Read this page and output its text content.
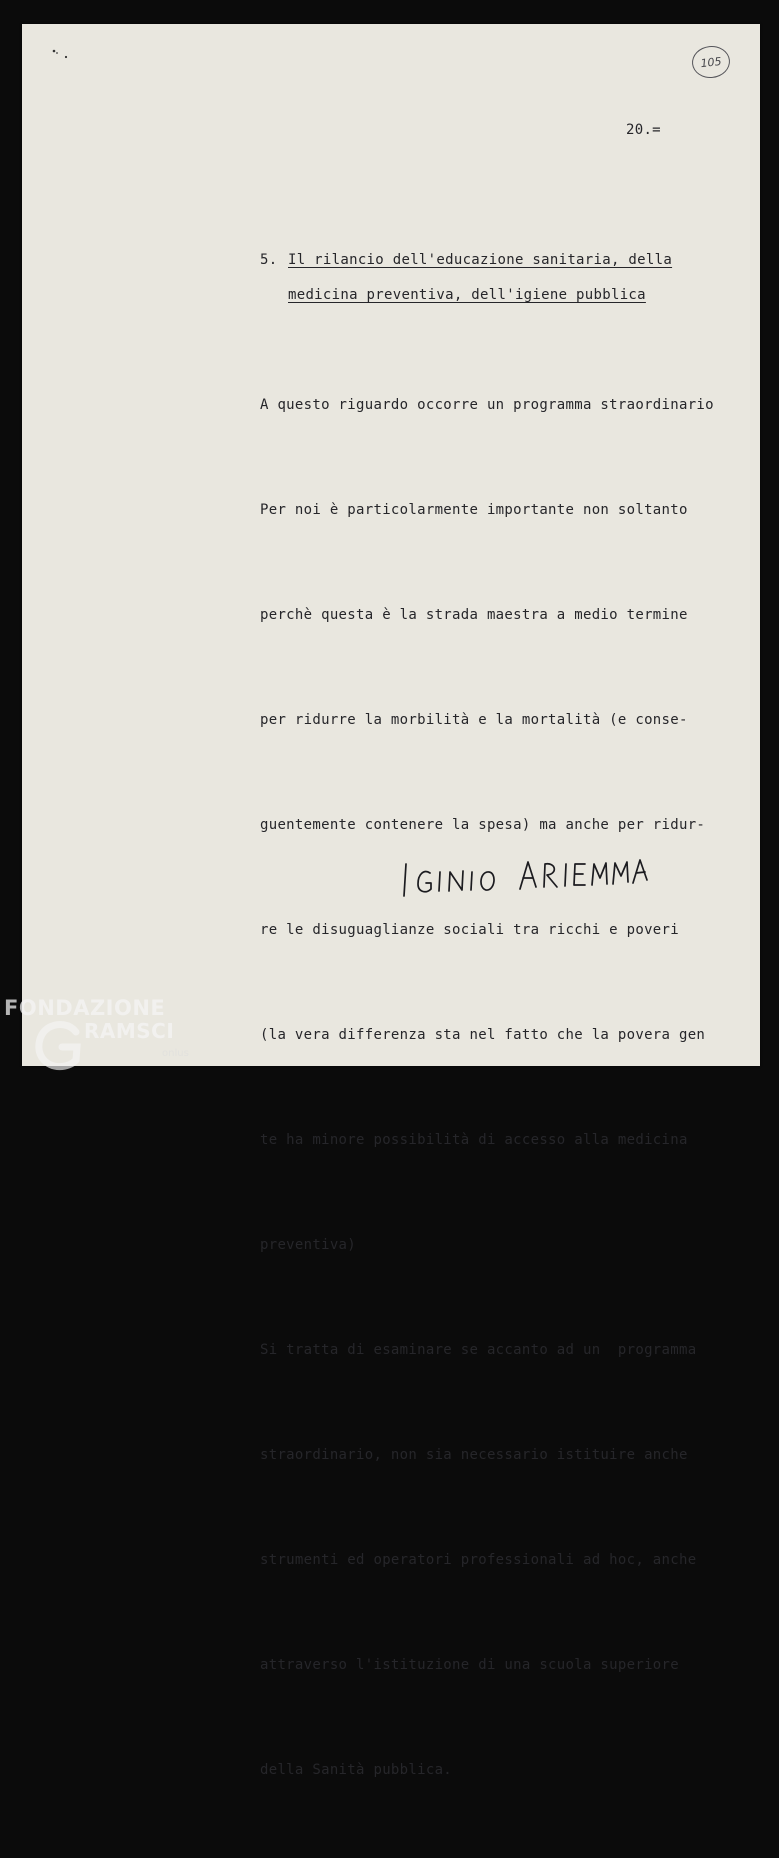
105
20.=
5. Il rilancio dell'educazione sanitaria, della
medicina preventiva, dell'igiene pubblica

A questo riguardo occorre un programma straordinario

Per noi è particolarmente importante non soltanto

perchè questa è la strada maestra a medio termine

per ridurre la morbilità e la mortalità (e conse-

guentemente contenere la spesa) ma anche per ridur-

re le disuguaglianze sociali tra ricchi e poveri

(la vera differenza sta nel fatto che la povera gen

te ha minore possibilità di accesso alla medicina

preventiva)

Si tratta di esaminare se accanto ad un  programma

straordinario, non sia necessario istituire anche

strumenti ed operatori professionali ad hoc, anche

attraverso l'istituzione di una scuola superiore

della Sanità pubblica.

FONDAZIONE
RAMSCI
onlus
